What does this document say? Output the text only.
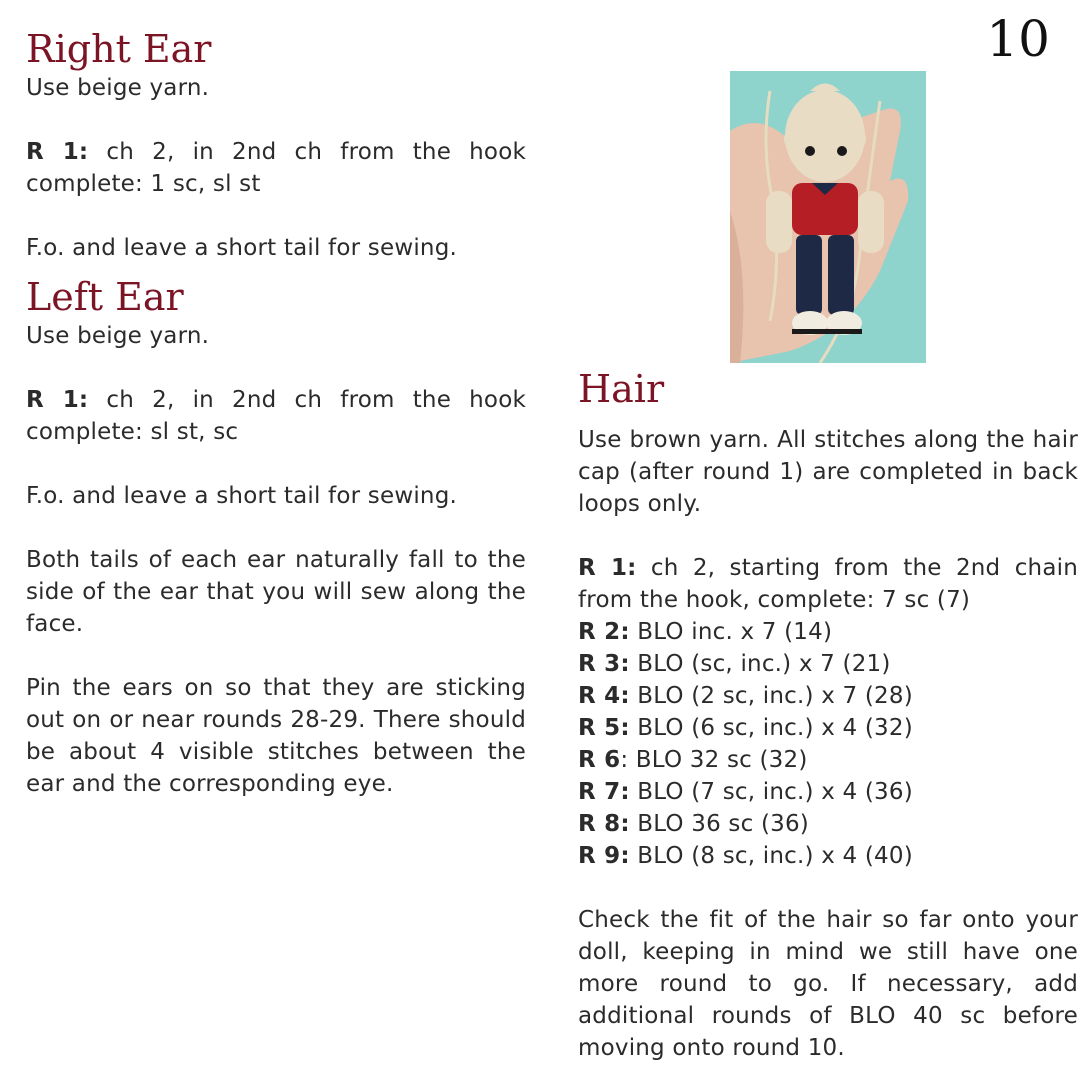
10
Right Ear

Use beige yarn.

R 1: ch 2, in 2nd ch from the hook complete: 1 sc, sl st

F.o. and leave a short tail for sewing.

Left Ear

Use beige yarn.

R 1: ch 2, in 2nd ch from the hook complete: sl st, sc

F.o. and leave a short tail for sewing.

Both tails of each ear naturally fall to the side of the ear that you will sew along the face.

Pin the ears on so that they are sticking out on or near rounds 28-29. There should be about 4 visible stitches between the ear and the corresponding eye.

Hair

Use brown yarn. All stitches along the hair cap (after round 1) are completed in back loops only.

R 1: ch 2, starting from the 2nd chain from the hook, complete: 7 sc (7)

R 2: BLO inc. x 7 (14)

R 3: BLO (sc, inc.) x 7 (21)

R 4: BLO (2 sc, inc.) x 7 (28)

R 5: BLO (6 sc, inc.) x 4 (32)

R 6: BLO 32 sc (32)

R 7: BLO (7 sc, inc.) x 4 (36)

R 8: BLO 36 sc (36)

R 9: BLO (8 sc, inc.) x 4 (40)

Check the fit of the hair so far onto your doll, keeping in mind we still have one more round to go. If necessary, add additional rounds of BLO 40 sc before moving onto round 10.
